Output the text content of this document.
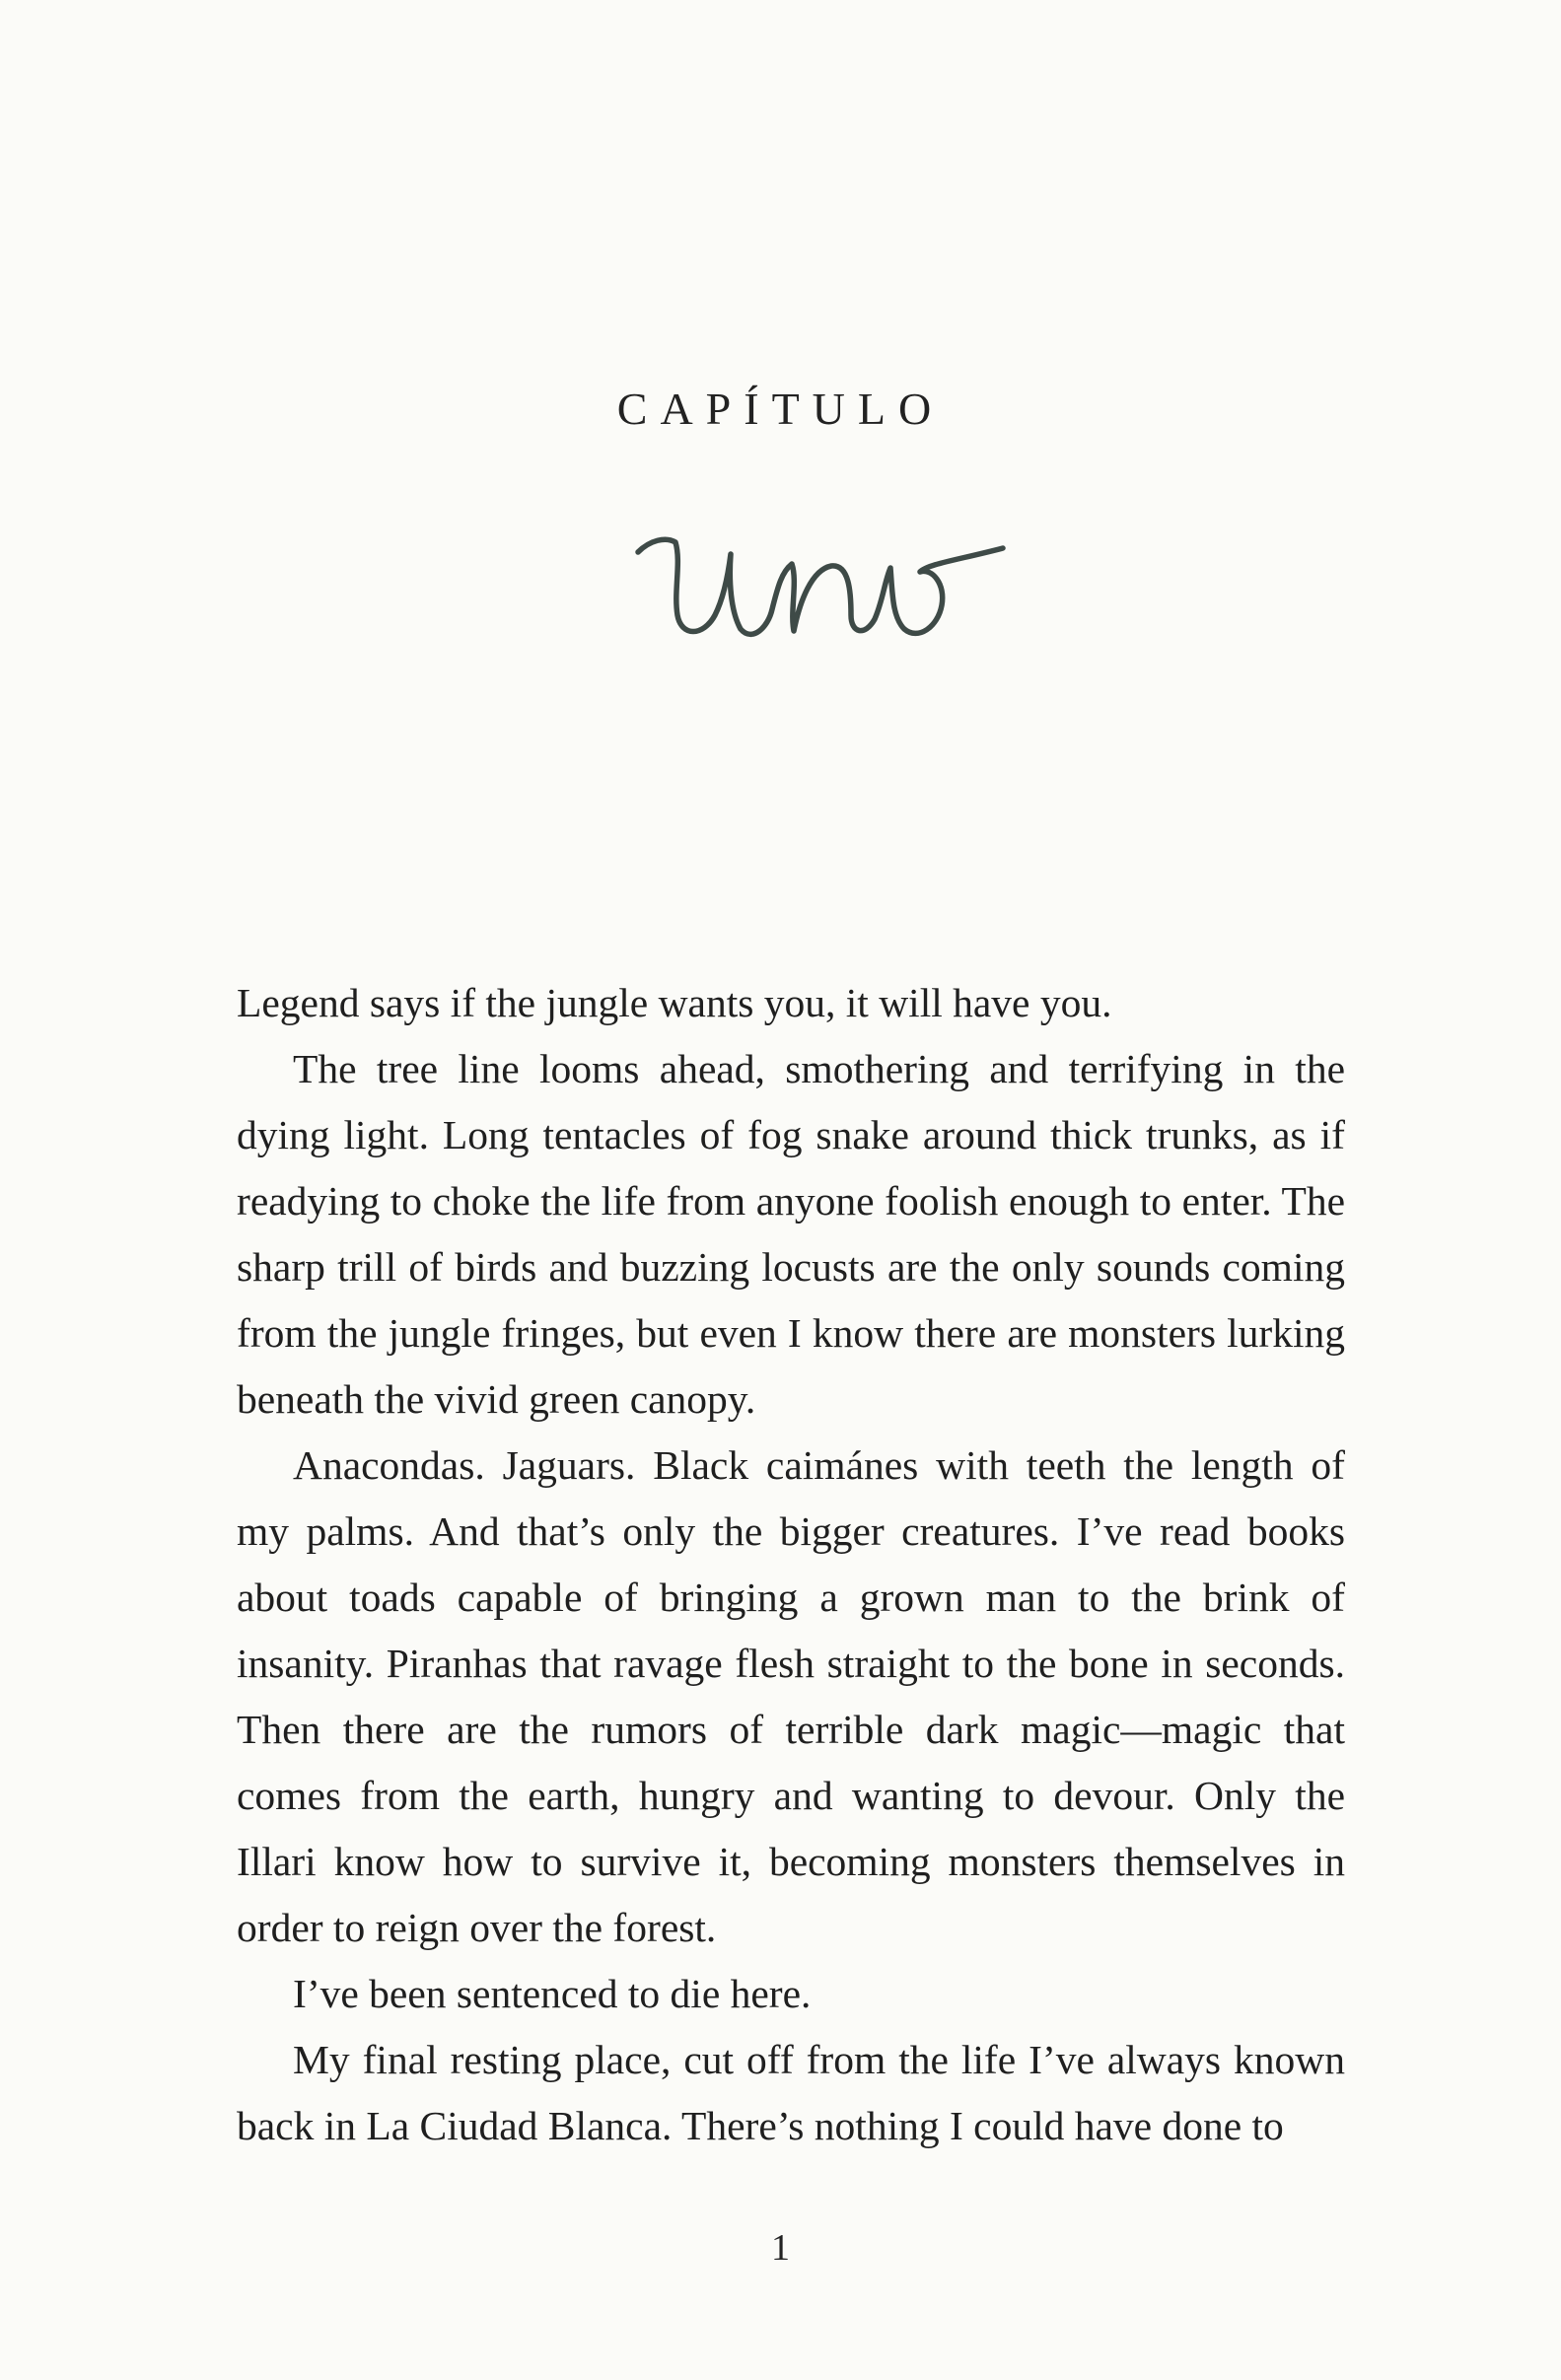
CAPÍTULO

Legend says if the jungle wants you, it will have you.

The tree line looms ahead, smothering and terrifying in the dying light. Long tentacles of fog snake around thick trunks, as if readying to choke the life from anyone foolish enough to enter. The sharp trill of birds and buzzing locusts are the only sounds coming from the jungle fringes, but even I know there are monsters lurking beneath the vivid green canopy.

Anacondas. Jaguars. Black caimánes with teeth the length of my palms. And that’s only the bigger creatures. I’ve read books about toads capable of bringing a grown man to the brink of insanity. Piranhas that ravage flesh straight to the bone in seconds. Then there are the rumors of terrible dark magic—magic that comes from the earth, hungry and wanting to devour. Only the Illari know how to survive it, becoming monsters themselves in order to reign over the forest.

I’ve been sentenced to die here.

My final resting place, cut off from the life I’ve always known back in La Ciudad Blanca. There’s nothing I could have done to

1
